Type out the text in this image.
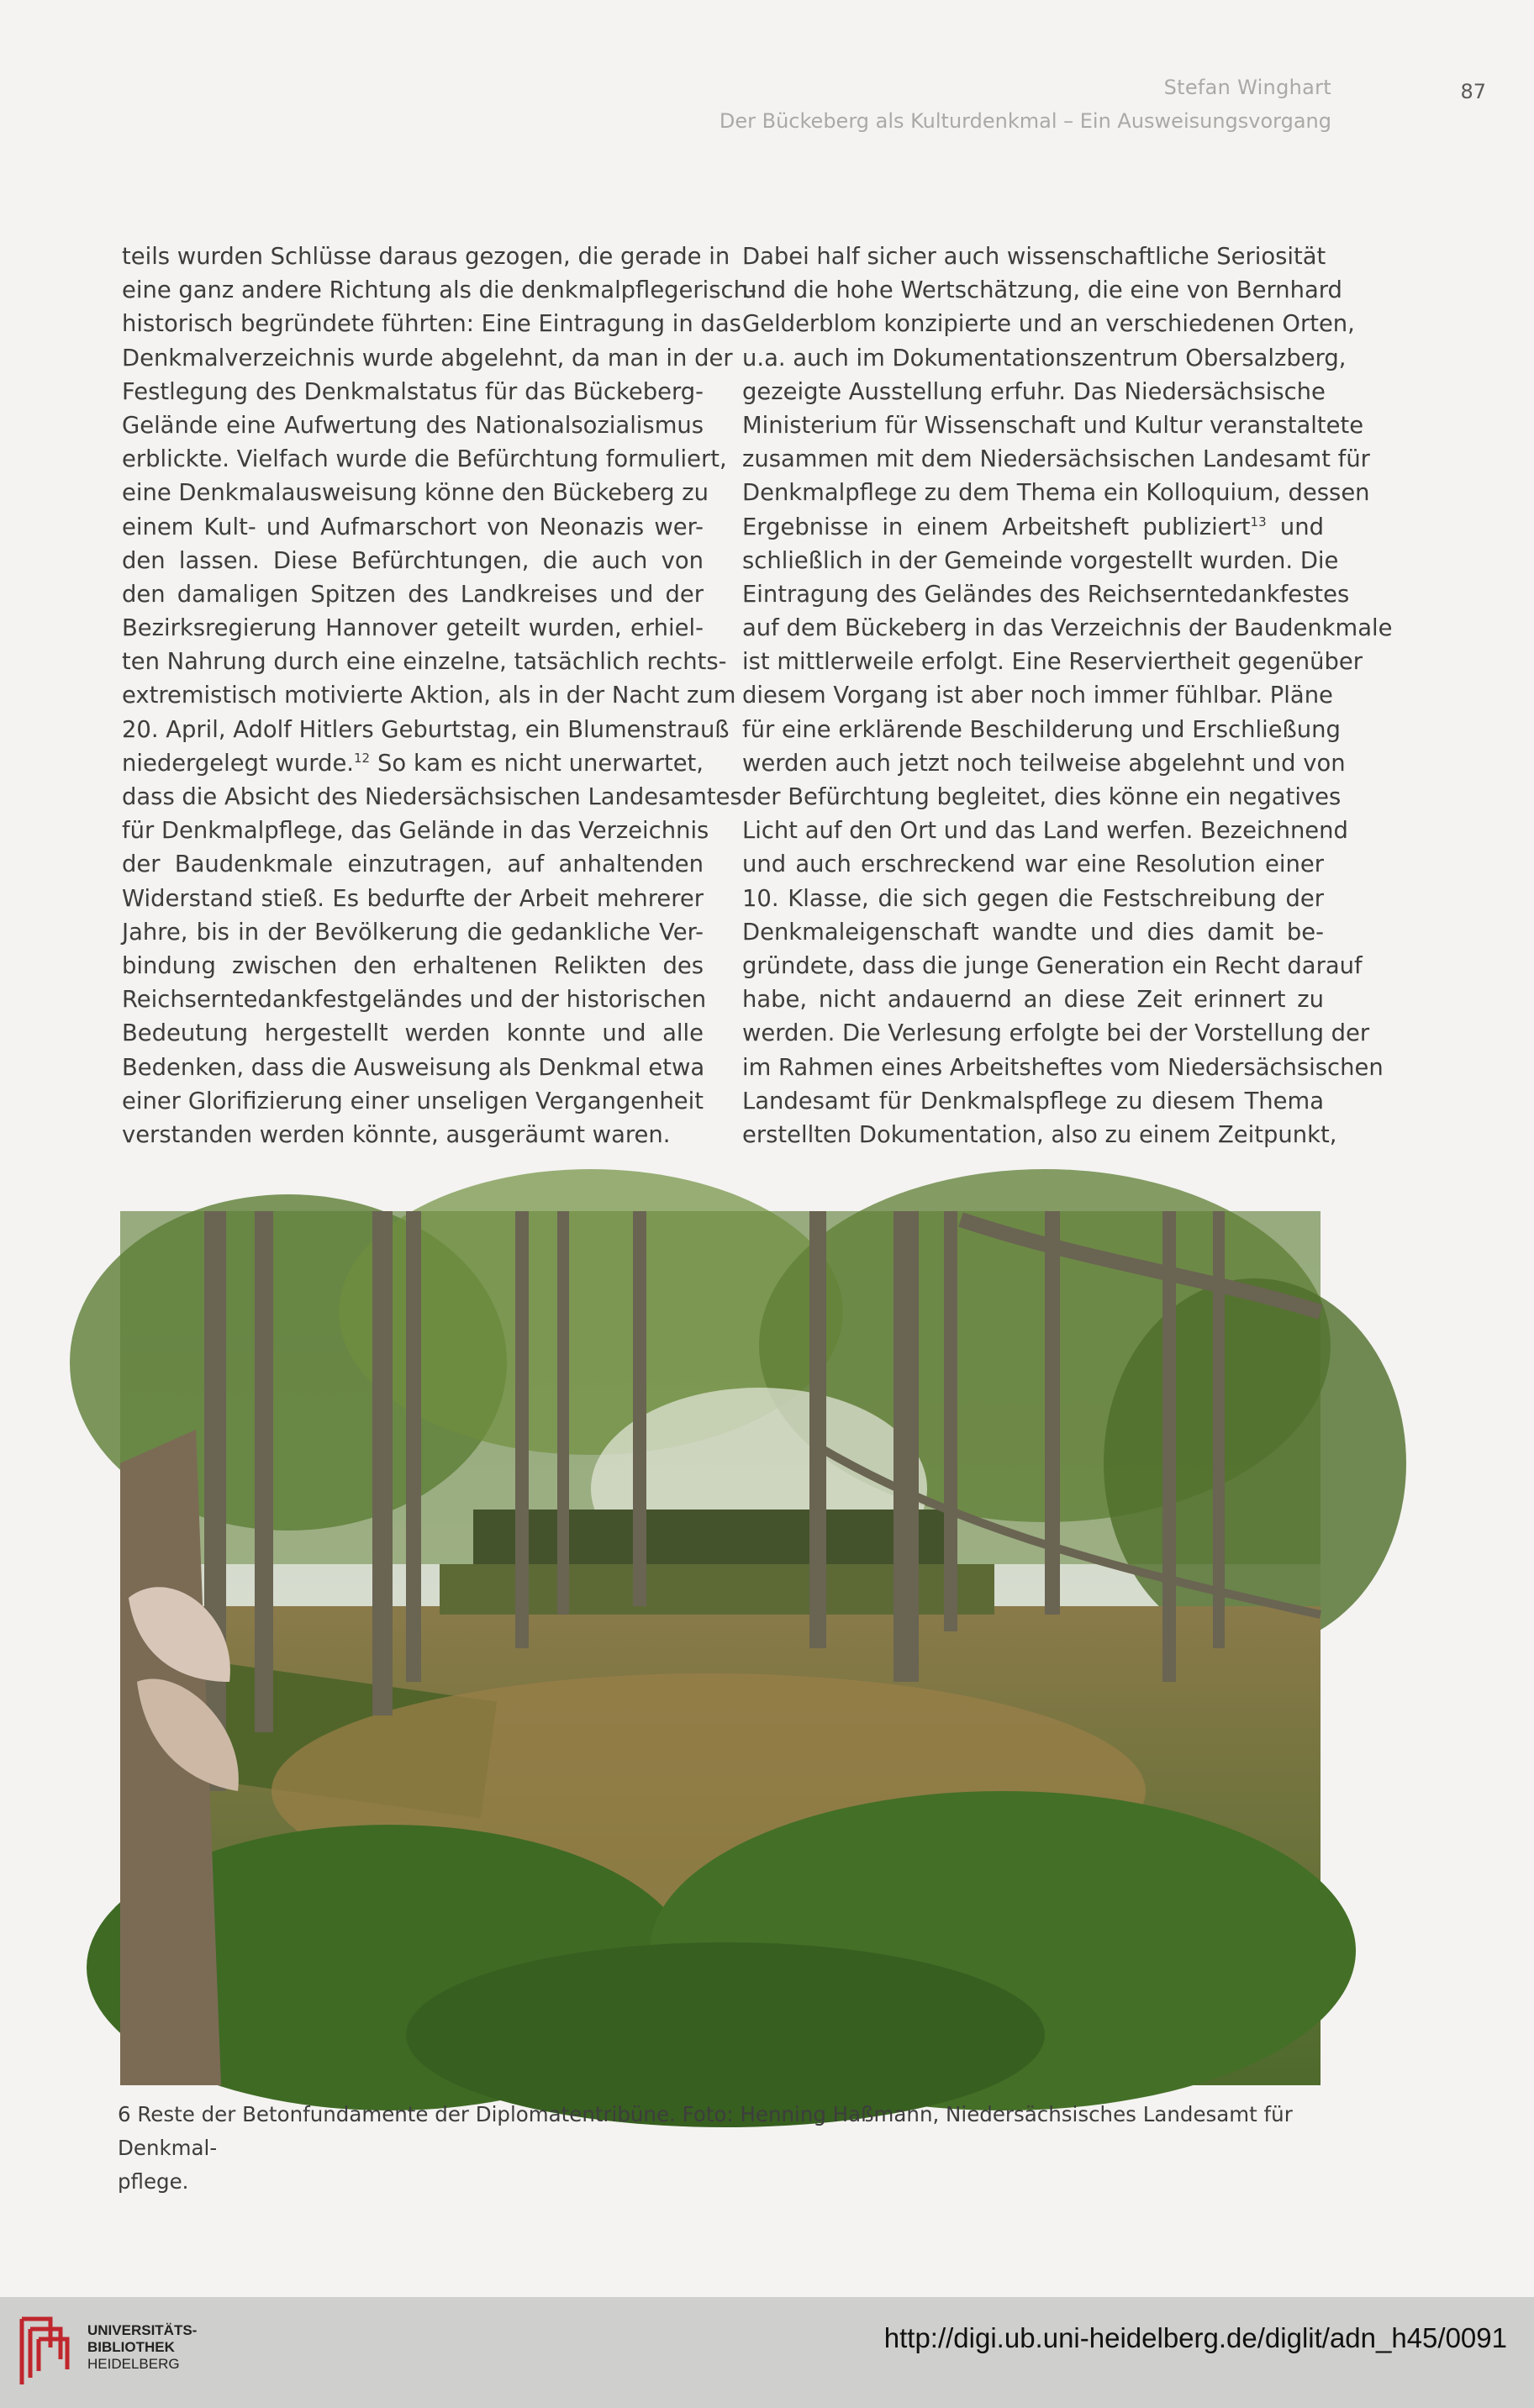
Stefan Winghart
Der Bückeberg als Kulturdenkmal – Ein Ausweisungsvorgang
87
teils wurden Schlüsse daraus gezogen, die gerade in
eine ganz andere Richtung als die denkmalpflegerisch-
historisch begründete führten: Eine Eintragung in das
Denkmalverzeichnis wurde abgelehnt, da man in der
Festlegung des Denkmalstatus für das Bückeberg-
Gelände eine Aufwertung des Nationalsozialismus
erblickte. Vielfach wurde die Befürchtung formuliert,
eine Denkmalausweisung könne den Bückeberg zu
einem Kult- und Aufmarschort von Neonazis wer-
den lassen. Diese Befürchtungen, die auch von
den damaligen Spitzen des Landkreises und der
Bezirksregierung Hannover geteilt wurden, erhiel-
ten Nahrung durch eine einzelne, tatsächlich rechts-
extremistisch motivierte Aktion, als in der Nacht zum
20. April, Adolf Hitlers Geburtstag, ein Blumenstrauß
niedergelegt wurde.$^{12}$ So kam es nicht unerwartet,
dass die Absicht des Niedersächsischen Landesamtes
für Denkmalpflege, das Gelände in das Verzeichnis
der Baudenkmale einzutragen, auf anhaltenden
Widerstand stieß. Es bedurfte der Arbeit mehrerer
Jahre, bis in der Bevölkerung die gedankliche Ver-
bindung zwischen den erhaltenen Relikten des
Reichserntedankfestgeländes und der historischen
Bedeutung hergestellt werden konnte und alle
Bedenken, dass die Ausweisung als Denkmal etwa
einer Glorifizierung einer unseligen Vergangenheit
verstanden werden könnte, ausgeräumt waren.
Dabei half sicher auch wissenschaftliche Seriosität
und die hohe Wertschätzung, die eine von Bernhard
Gelderblom konzipierte und an verschiedenen Orten,
u.a. auch im Dokumentationszentrum Obersalzberg,
gezeigte Ausstellung erfuhr. Das Niedersächsische
Ministerium für Wissenschaft und Kultur veranstaltete
zusammen mit dem Niedersächsischen Landesamt für
Denkmalpflege zu dem Thema ein Kolloquium, dessen
Ergebnisse in einem Arbeitsheft publiziert$^{13}$ und
schließlich in der Gemeinde vorgestellt wurden. Die
Eintragung des Geländes des Reichserntedankfestes
auf dem Bückeberg in das Verzeichnis der Baudenkmale
ist mittlerweile erfolgt. Eine Reserviertheit gegenüber
diesem Vorgang ist aber noch immer fühlbar. Pläne
für eine erklärende Beschilderung und Erschließung
werden auch jetzt noch teilweise abgelehnt und von
der Befürchtung begleitet, dies könne ein negatives
Licht auf den Ort und das Land werfen. Bezeichnend
und auch erschreckend war eine Resolution einer
10. Klasse, die sich gegen die Festschreibung der
Denkmaleigenschaft wandte und dies damit be-
gründete, dass die junge Generation ein Recht darauf
habe, nicht andauernd an diese Zeit erinnert zu
werden. Die Verlesung erfolgte bei der Vorstellung der
im Rahmen eines Arbeitsheftes vom Niedersächsischen
Landesamt für Denkmalspflege zu diesem Thema
erstellten Dokumentation, also zu einem Zeitpunkt,
6 Reste der Betonfundamente der Diplomatentribüne. Foto: Henning Haßmann, Niedersächsisches Landesamt für Denkmal-
pflege.
UNIVERSITÄTS-
BIBLIOTHEK
HEIDELBERG
http://digi.ub.uni-heidelberg.de/diglit/adn_h45/0091
